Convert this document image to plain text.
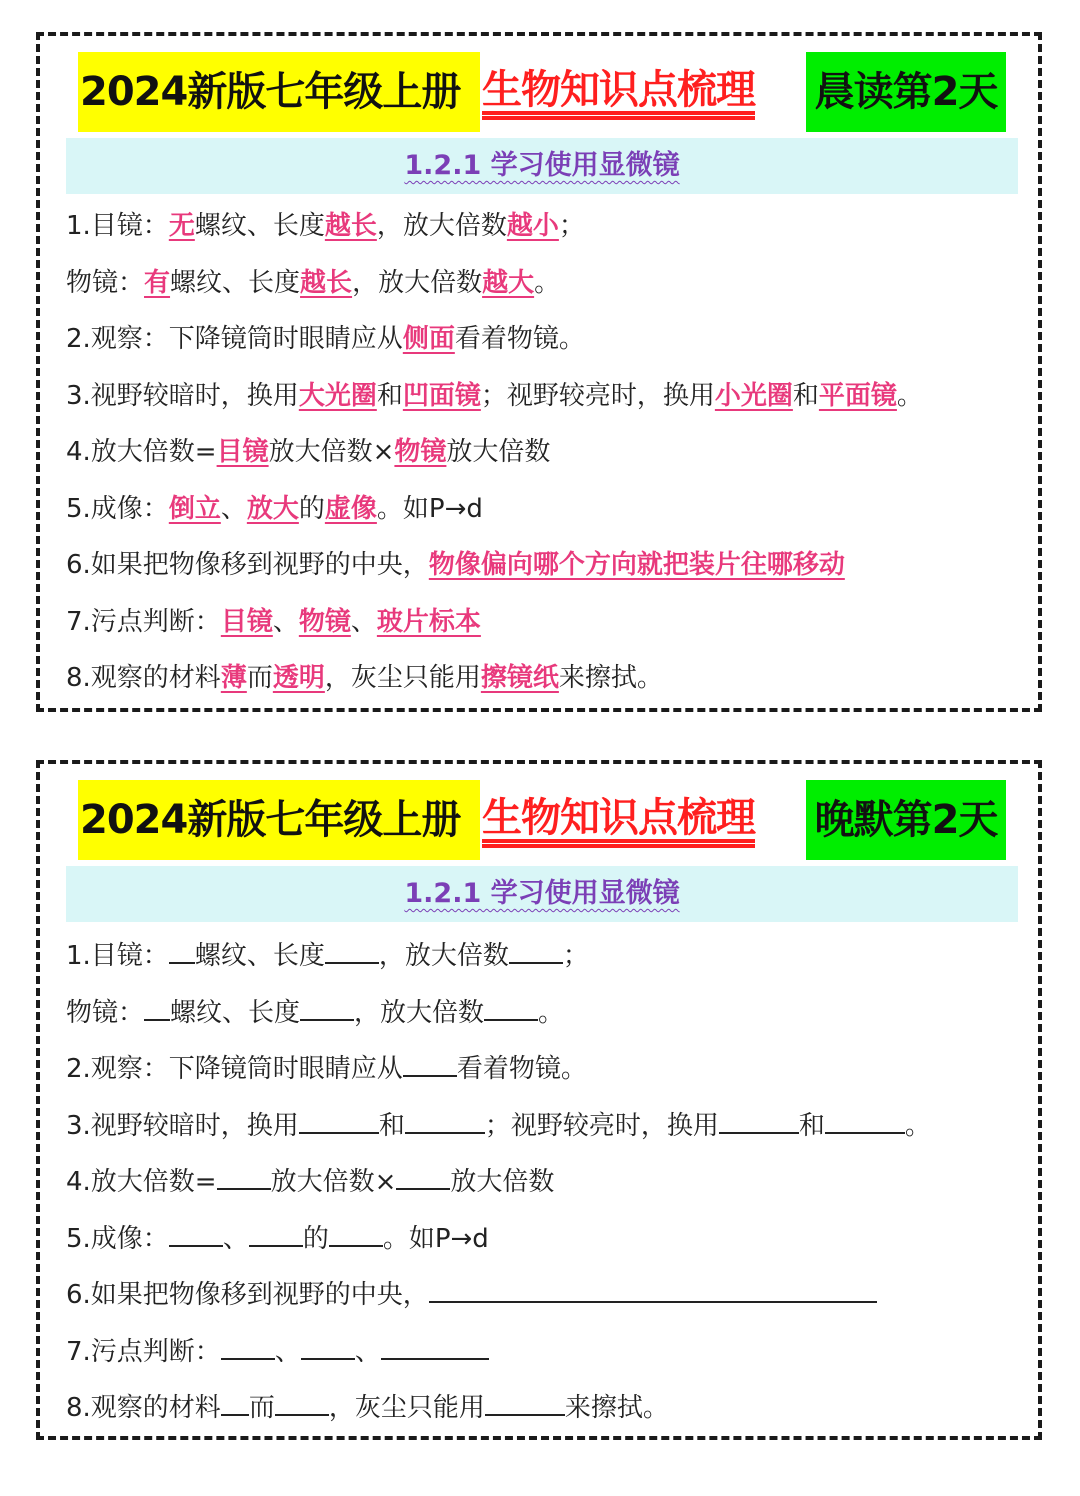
2024新版七年级上册 生物知识点梳理 晨读第2天
1.2.1 学习使用显微镜
1.目镜：无螺纹、长度越长，放大倍数越小；
物镜：有螺纹、长度越长，放大倍数越大。
2.观察：下降镜筒时眼睛应从侧面看着物镜。
3.视野较暗时，换用大光圈和凹面镜；视野较亮时，换用小光圈和平面镜。
4.放大倍数=目镜放大倍数×物镜放大倍数
5.成像：倒立、放大的虚像。如P→d
6.如果把物像移到视野的中央，物像偏向哪个方向就把装片往哪移动
7.污点判断：目镜、物镜、玻片标本
8.观察的材料薄而透明，灰尘只能用擦镜纸来擦拭。
2024新版七年级上册 生物知识点梳理 晚默第2天
1.2.1 学习使用显微镜
1.目镜： 螺纹、长度 ，放大倍数 ；
物镜： 螺纹、长度 ，放大倍数 。
2.观察：下降镜筒时眼睛应从 看着物镜。
3.视野较暗时，换用	和	；视野较亮时，换用	和	。
4.放大倍数= 放大倍数× 放大倍数
5.成像： 、 的 。如P→d
6.如果把物像移到视野的中央，
7.污点判断： 、 、
8.观察的材料 而 ，灰尘只能用	来擦拭。
